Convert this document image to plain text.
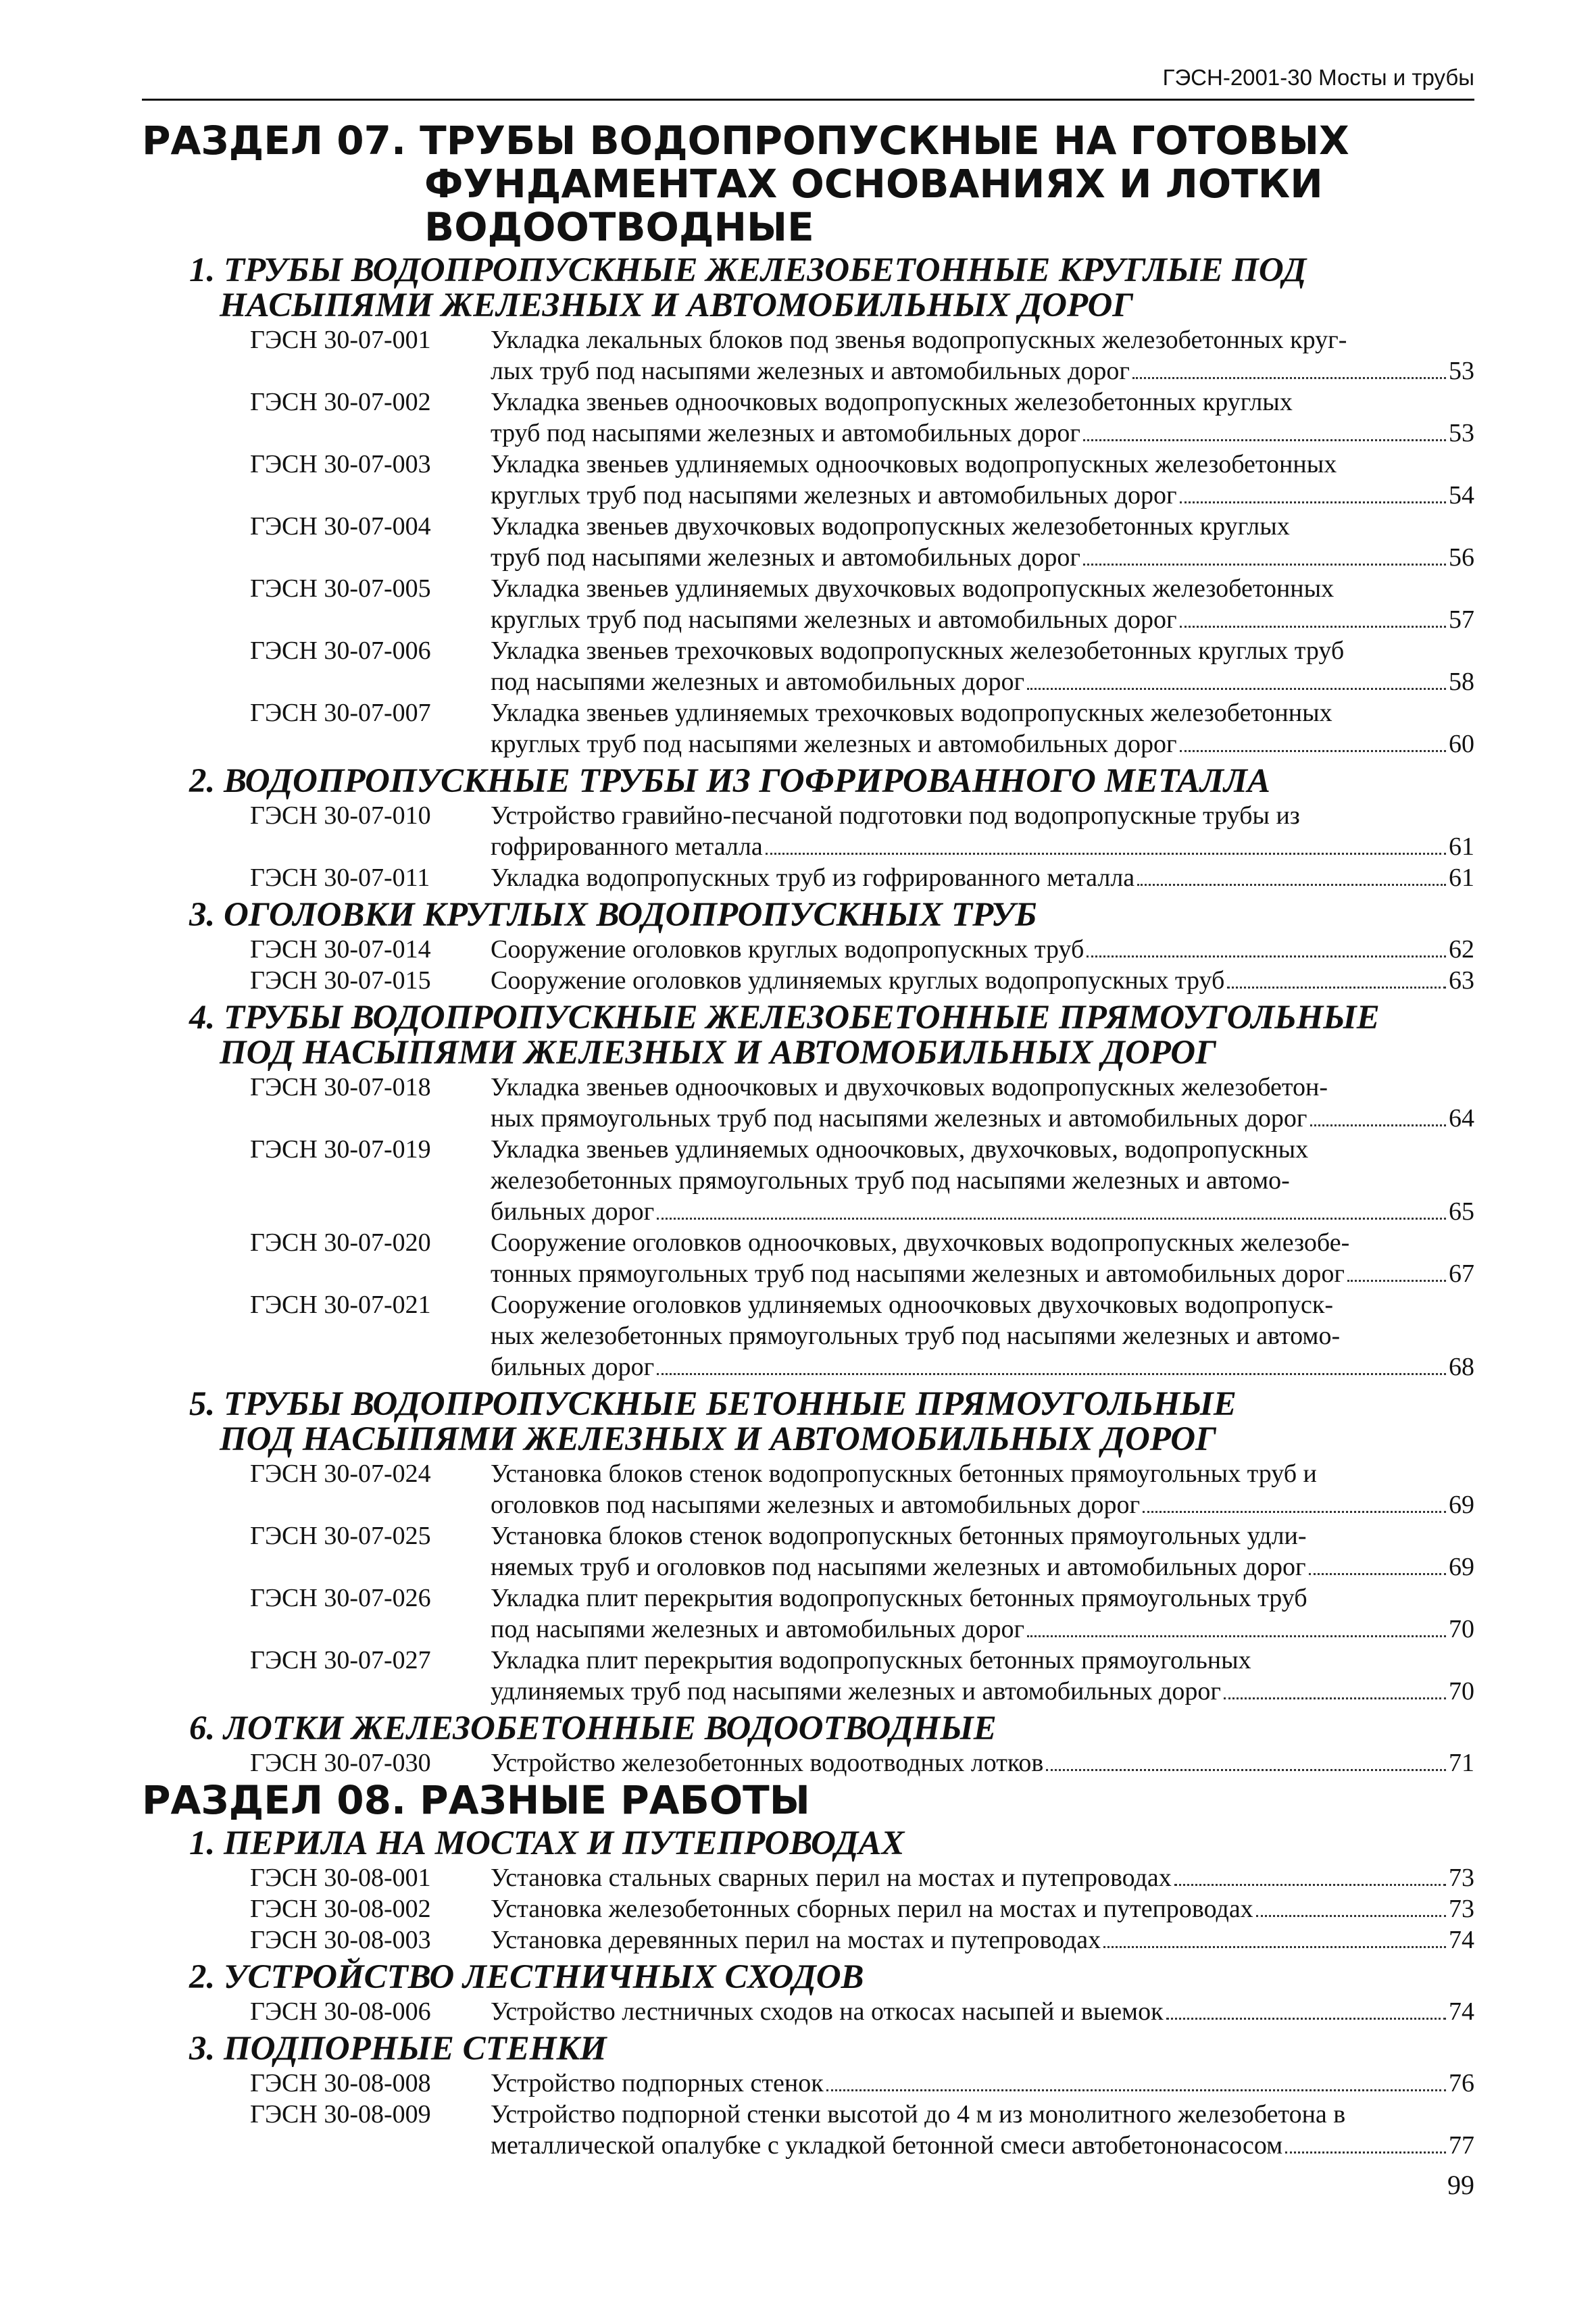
ГЭСН-2001-30 Мосты и трубы
РАЗДЕЛ 07. ТРУБЫ ВОДОПРОПУСКНЫЕ НА ГОТОВЫХ
ФУНДАМЕНТАХ ОСНОВАНИЯХ И ЛОТКИ
ВОДООТВОДНЫЕ
1. ТРУБЫ ВОДОПРОПУСКНЫЕ ЖЕЛЕЗОБЕТОННЫЕ КРУГЛЫЕ ПОД
НАСЫПЯМИ ЖЕЛЕЗНЫХ И АВТОМОБИЛЬНЫХ ДОРОГ
ГЭСН 30-07-001	Укладка лекальных блоков под звенья водопропускных железобетонных круг-
лых труб под насыпями железных и автомобильных дорог	53
ГЭСН 30-07-002	Укладка звеньев одноочковых водопропускных железобетонных круглых
труб под насыпями железных и автомобильных дорог	53
ГЭСН 30-07-003	Укладка звеньев удлиняемых одноочковых водопропускных железобетонных
круглых труб под насыпями железных и автомобильных дорог	54
ГЭСН 30-07-004	Укладка звеньев двухочковых водопропускных железобетонных круглых
труб под насыпями железных и автомобильных дорог	56
ГЭСН 30-07-005	Укладка звеньев удлиняемых двухочковых водопропускных железобетонных
круглых труб под насыпями железных и автомобильных дорог	57
ГЭСН 30-07-006	Укладка звеньев трехочковых водопропускных железобетонных круглых труб
под насыпями железных и автомобильных дорог	58
ГЭСН 30-07-007	Укладка звеньев удлиняемых трехочковых водопропускных железобетонных
круглых труб под насыпями железных и автомобильных дорог	60
2. ВОДОПРОПУСКНЫЕ ТРУБЫ ИЗ ГОФРИРОВАННОГО МЕТАЛЛА
ГЭСН 30-07-010	Устройство гравийно-песчаной подготовки под водопропускные трубы из
гофрированного металла	61
ГЭСН 30-07-011	Укладка водопропускных труб из гофрированного металла	61
3. ОГОЛОВКИ КРУГЛЫХ ВОДОПРОПУСКНЫХ ТРУБ
ГЭСН 30-07-014	Сооружение оголовков круглых водопропускных труб	62
ГЭСН 30-07-015	Сооружение оголовков удлиняемых круглых водопропускных труб	63
4. ТРУБЫ ВОДОПРОПУСКНЫЕ ЖЕЛЕЗОБЕТОННЫЕ ПРЯМОУГОЛЬНЫЕ
ПОД НАСЫПЯМИ ЖЕЛЕЗНЫХ И АВТОМОБИЛЬНЫХ ДОРОГ
ГЭСН 30-07-018	Укладка звеньев одноочковых и двухочковых водопропускных железобетон-
ных прямоугольных труб под насыпями железных и автомобильных дорог	64
ГЭСН 30-07-019	Укладка звеньев удлиняемых одноочковых, двухочковых, водопропускных
железобетонных прямоугольных труб под насыпями железных и автомо-
бильных дорог	65
ГЭСН 30-07-020	Сооружение оголовков одноочковых, двухочковых водопропускных железобе-
тонных прямоугольных труб под насыпями железных и автомобильных дорог	67
ГЭСН 30-07-021	Сооружение оголовков удлиняемых одноочковых двухочковых водопропуск-
ных железобетонных прямоугольных труб под насыпями железных и автомо-
бильных дорог	68
5. ТРУБЫ ВОДОПРОПУСКНЫЕ БЕТОННЫЕ ПРЯМОУГОЛЬНЫЕ
ПОД НАСЫПЯМИ ЖЕЛЕЗНЫХ И АВТОМОБИЛЬНЫХ ДОРОГ
ГЭСН 30-07-024	Установка блоков стенок водопропускных бетонных прямоугольных труб и
оголовков под насыпями железных и автомобильных дорог	69
ГЭСН 30-07-025	Установка блоков стенок водопропускных бетонных прямоугольных удли-
няемых труб и оголовков под насыпями железных и автомобильных дорог	69
ГЭСН 30-07-026	Укладка плит перекрытия водопропускных бетонных прямоугольных труб
под насыпями железных и автомобильных дорог	70
ГЭСН 30-07-027	Укладка плит перекрытия водопропускных бетонных прямоугольных
удлиняемых труб под насыпями железных и автомобильных дорог	70
6. ЛОТКИ ЖЕЛЕЗОБЕТОННЫЕ ВОДООТВОДНЫЕ
ГЭСН 30-07-030	Устройство железобетонных водоотводных лотков	71
РАЗДЕЛ 08. РАЗНЫЕ РАБОТЫ
1. ПЕРИЛА НА МОСТАХ И ПУТЕПРОВОДАХ
ГЭСН 30-08-001	Установка стальных сварных перил на мостах и путепроводах	73
ГЭСН 30-08-002	Установка железобетонных сборных перил на мостах и путепроводах	73
ГЭСН 30-08-003	Установка деревянных перил на мостах и путепроводах	74
2. УСТРОЙСТВО ЛЕСТНИЧНЫХ СХОДОВ
ГЭСН 30-08-006	Устройство лестничных сходов на откосах насыпей и выемок	74
3. ПОДПОРНЫЕ СТЕНКИ
ГЭСН 30-08-008	Устройство подпорных стенок	76
ГЭСН 30-08-009	Устройство подпорной стенки высотой до 4 м из монолитного железобетона в
металлической опалубке с укладкой бетонной смеси автобетононасосом	77
99
